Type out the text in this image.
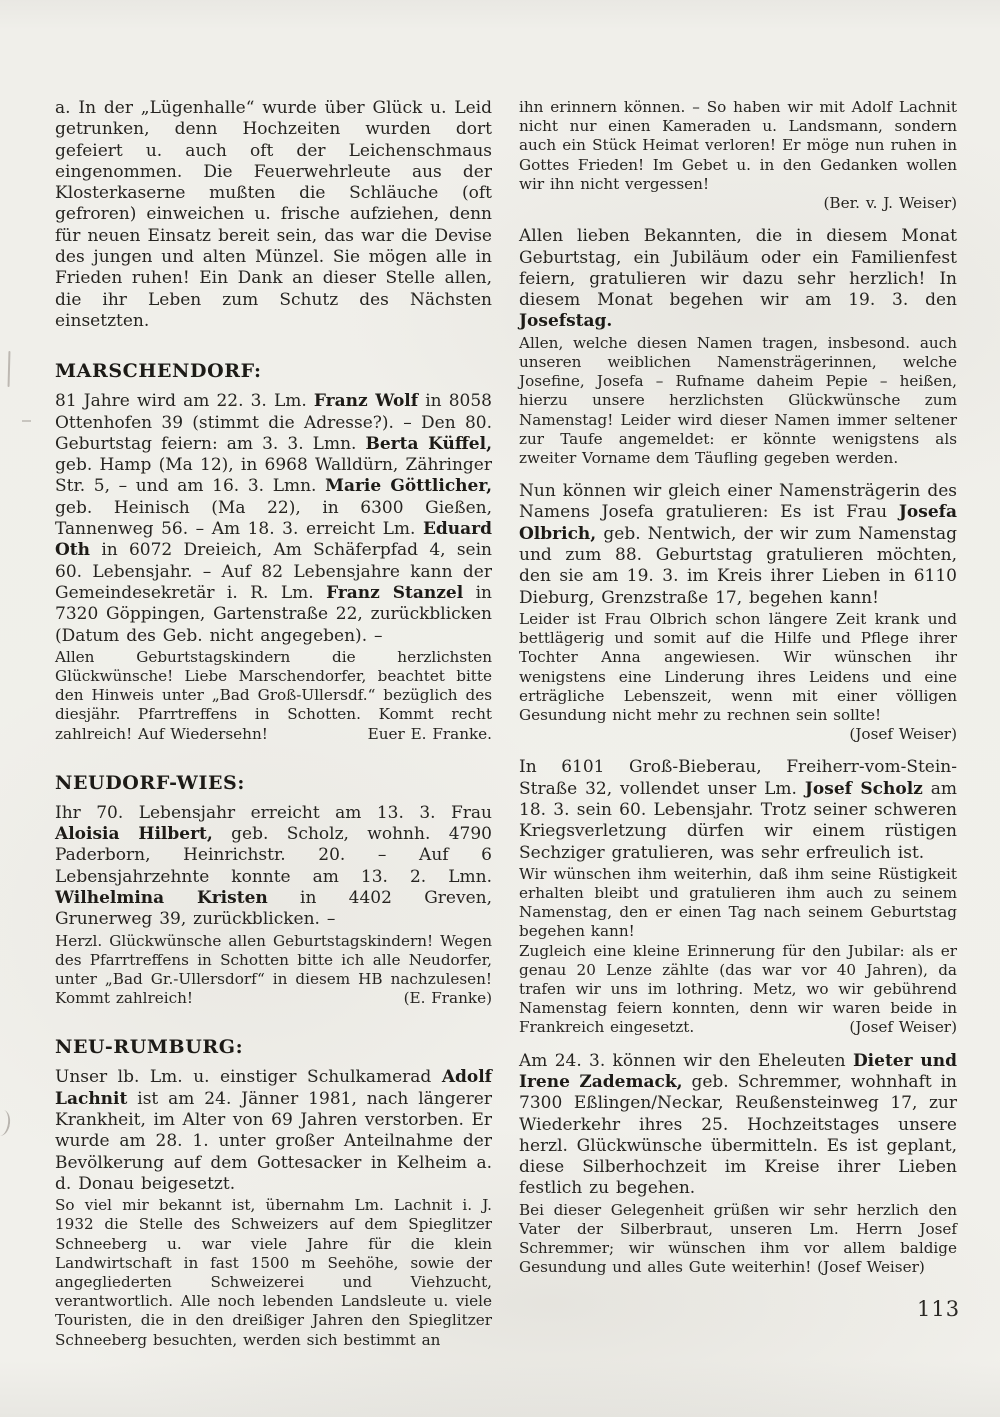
a. In der „Lügenhalle“ wurde über Glück u. Leid getrunken, denn Hochzeiten wurden dort gefeiert u. auch oft der Leichenschmaus eingenommen. Die Feuerwehrleute aus der Klosterkaserne mußten die Schläuche (oft gefroren) einweichen u. frische aufziehen, denn für neuen Einsatz bereit sein, das war die Devise des jungen und alten Münzel. Sie mögen alle in Frieden ruhen! Ein Dank an dieser Stelle allen, die ihr Leben zum Schutz des Nächsten einsetzten.
MARSCHENDORF:
81 Jahre wird am 22. 3. Lm. Franz Wolf in 8058 Ottenhofen 39 (stimmt die Adresse?). – Den 80. Geburtstag feiern: am 3. 3. Lmn. Berta Küffel, geb. Hamp (Ma 12), in 6968 Walldürn, Zähringer Str. 5, – und am 16. 3. Lmn. Marie Göttlicher, geb. Heinisch (Ma 22), in 6300 Gießen, Tannenweg 56. – Am 18. 3. erreicht Lm. Eduard Oth in 6072 Dreieich, Am Schäferpfad 4, sein 60. Lebensjahr. – Auf 82 Lebensjahre kann der Gemeindesekretär i. R. Lm. Franz Stanzel in 7320 Göppingen, Gartenstraße 22, zurückblicken (Datum des Geb. nicht angegeben). –
Allen Geburtstagskindern die herzlichsten Glückwünsche! Liebe Marschendorfer, beachtet bitte den Hinweis unter „Bad Groß-Ullersdf.“ bezüglich des diesjähr. Pfarrtreffens in Schotten. Kommt recht zahlreich! Auf Wiedersehn!	Euer E. Franke.
NEUDORF-WIES:
Ihr 70. Lebensjahr erreicht am 13. 3. Frau Aloisia Hilbert, geb. Scholz, wohnh. 4790 Paderborn, Heinrichstr. 20. – Auf 6 Lebensjahrzehnte konnte am 13. 2. Lmn. Wilhelmina Kristen in 4402 Greven, Grunerweg 39, zurückblicken. –
Herzl. Glückwünsche allen Geburtstagskindern! Wegen des Pfarrtreffens in Schotten bitte ich alle Neudorfer, unter „Bad Gr.-Ullersdorf“ in diesem HB nachzulesen! Kommt zahlreich!	(E. Franke)
NEU-RUMBURG:
Unser lb. Lm. u. einstiger Schulkamerad Adolf Lachnit ist am 24. Jänner 1981, nach längerer Krankheit, im Alter von 69 Jahren verstorben. Er wurde am 28. 1. unter großer Anteilnahme der Bevölkerung auf dem Gottesacker in Kelheim a. d. Donau beigesetzt.
So viel mir bekannt ist, übernahm Lm. Lachnit i. J. 1932 die Stelle des Schweizers auf dem Spieglitzer Schneeberg u. war viele Jahre für die klein Landwirtschaft in fast 1500 m Seehöhe, sowie der angegliederten Schweizerei und Viehzucht, verantwortlich. Alle noch lebenden Landsleute u. viele Touristen, die in den dreißiger Jahren den Spieglitzer Schneeberg besuchten, werden sich bestimmt an
ihn erinnern können. – So haben wir mit Adolf Lachnit nicht nur einen Kameraden u. Landsmann, sondern auch ein Stück Heimat verloren! Er möge nun ruhen in Gottes Frieden! Im Gebet u. in den Gedanken wollen wir ihn nicht vergessen!
(Ber. v. J. Weiser)
Allen lieben Bekannten, die in diesem Monat Geburtstag, ein Jubiläum oder ein Familienfest feiern, gratulieren wir dazu sehr herzlich! In diesem Monat begehen wir am 19. 3. den Josefstag.
Allen, welche diesen Namen tragen, insbesond. auch unseren weiblichen Namensträgerinnen, welche Josefine, Josefa – Rufname daheim Pepie – heißen, hierzu unsere herzlichsten Glückwünsche zum Namenstag! Leider wird dieser Namen immer seltener zur Taufe angemeldet: er könnte wenigstens als zweiter Vorname dem Täufling gegeben werden.
Nun können wir gleich einer Namensträgerin des Namens Josefa gratulieren: Es ist Frau Josefa Olbrich, geb. Nentwich, der wir zum Namenstag und zum 88. Geburtstag gratulieren möchten, den sie am 19. 3. im Kreis ihrer Lieben in 6110 Dieburg, Grenzstraße 17, begehen kann!
Leider ist Frau Olbrich schon längere Zeit krank und bettlägerig und somit auf die Hilfe und Pflege ihrer Tochter Anna angewiesen. Wir wünschen ihr wenigstens eine Linderung ihres Leidens und eine erträgliche Lebenszeit, wenn mit einer völligen Gesundung nicht mehr zu rechnen sein sollte!
(Josef Weiser)
In 6101 Groß-Bieberau, Freiherr-vom-Stein-Straße 32, vollendet unser Lm. Josef Scholz am 18. 3. sein 60. Lebensjahr. Trotz seiner schweren Kriegsverletzung dürfen wir einem rüstigen Sechziger gratulieren, was sehr erfreulich ist.
Wir wünschen ihm weiterhin, daß ihm seine Rüstigkeit erhalten bleibt und gratulieren ihm auch zu seinem Namenstag, den er einen Tag nach seinem Geburtstag begehen kann!
Zugleich eine kleine Erinnerung für den Jubilar: als er genau 20 Lenze zählte (das war vor 40 Jahren), da trafen wir uns im lothring. Metz, wo wir gebührend Namenstag feiern konnten, denn wir waren beide in Frankreich eingesetzt.	(Josef Weiser)
Am 24. 3. können wir den Eheleuten Dieter und Irene Zademack, geb. Schremmer, wohnhaft in 7300 Eßlingen/Neckar, Reußensteinweg 17, zur Wiederkehr ihres 25. Hochzeitstages unsere herzl. Glückwünsche übermitteln. Es ist geplant, diese Silberhochzeit im Kreise ihrer Lieben festlich zu begehen.
Bei dieser Gelegenheit grüßen wir sehr herzlich den Vater der Silberbraut, unseren Lm. Herrn Josef Schremmer; wir wünschen ihm vor allem baldige Gesundung und alles Gute weiterhin! (Josef Weiser)
113
